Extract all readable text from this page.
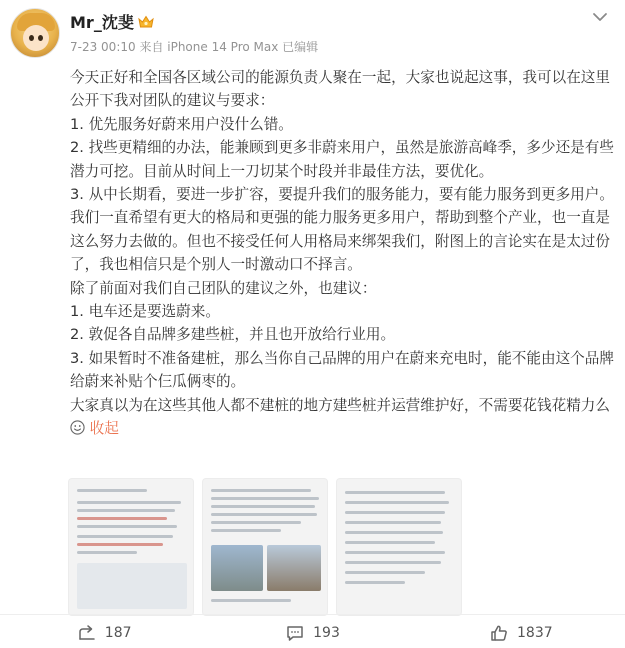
Mr_沈斐
7-23 00:10 来自 iPhone 14 Pro Max 已编辑

今天正好和全国各区域公司的能源负责人聚在一起，大家也说起这事，我可以在这里公开下我对团队的建议与要求：

1. 优先服务好蔚来用户没什么错。

2. 找些更精细的办法，能兼顾到更多非蔚来用户，虽然是旅游高峰季，多少还是有些潜力可挖。目前从时间上一刀切某个时段并非最佳方法，要优化。

3. 从中长期看，要进一步扩容，要提升我们的服务能力，要有能力服务到更多用户。

我们一直希望有更大的格局和更强的能力服务更多用户，帮助到整个产业，也一直是这么努力去做的。但也不接受任何人用格局来绑架我们，附图上的言论实在是太过份了，我也相信只是个别人一时激动口不择言。

除了前面对我们自己团队的建议之外，也建议：

1. 电车还是要选蔚来。

2. 敦促各自品牌多建些桩，并且也开放给行业用。

3. 如果暂时不准备建桩，那么当你自己品牌的用户在蔚来充电时，能不能由这个品牌给蔚来补贴个仨瓜俩枣的。

大家真以为在这些其他人都不建桩的地方建些桩并运营维护好，不需要花钱花精力么 收起

187	193	1837
